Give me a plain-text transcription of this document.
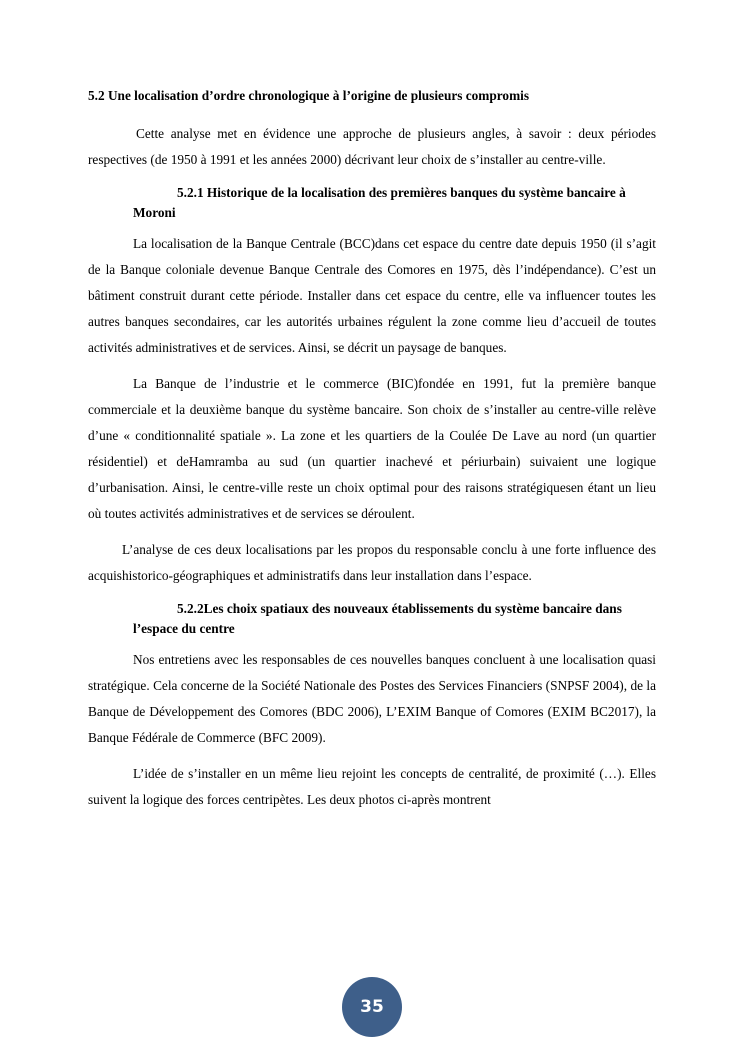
5.2 Une localisation d’ordre chronologique à l’origine de plusieurs compromis

Cette analyse met en évidence une approche de plusieurs angles, à savoir : deux périodes respectives (de 1950 à 1991 et les années 2000) décrivant leur choix de s’installer au centre-ville.

5.2.1 Historique de la localisation des premières banques du système bancaire à Moroni

La localisation de la Banque Centrale (BCC)dans cet espace du centre date depuis 1950 (il s’agit de la Banque coloniale devenue Banque Centrale des Comores en 1975, dès l’indépendance). C’est un bâtiment construit durant cette période. Installer dans cet espace du centre, elle va influencer toutes les autres banques secondaires, car les autorités urbaines régulent la zone comme lieu d’accueil de toutes activités administratives et de services. Ainsi, se décrit un paysage de banques.

La Banque de l’industrie et le commerce (BIC)fondée en 1991, fut la première banque commerciale et la deuxième banque du système bancaire. Son choix de s’installer au centre-ville relève d’une « conditionnalité spatiale ». La zone et les quartiers de la Coulée De Lave au nord (un quartier résidentiel) et deHamramba au sud (un quartier inachevé et périurbain) suivaient une logique d’urbanisation. Ainsi, le centre-ville reste un choix optimal pour des raisons stratégiquesen étant un lieu où toutes activités administratives et de services se déroulent.

L’analyse de ces deux localisations par les propos du responsable conclu à une forte influence des acquishistorico-géographiques et administratifs dans leur installation dans l’espace.

5.2.2Les choix spatiaux des nouveaux établissements du système bancaire dans l’espace du centre

Nos entretiens avec les responsables de ces nouvelles banques concluent à une localisation quasi stratégique. Cela concerne de la Société Nationale des Postes des Services Financiers (SNPSF 2004), de la Banque de Développement des Comores (BDC 2006), L’EXIM Banque of Comores (EXIM BC2017), la Banque Fédérale de Commerce (BFC 2009).

L’idée de s’installer en un même lieu rejoint les concepts de centralité, de proximité (…). Elles suivent la logique des forces centripètes. Les deux photos ci-après montrent

35
